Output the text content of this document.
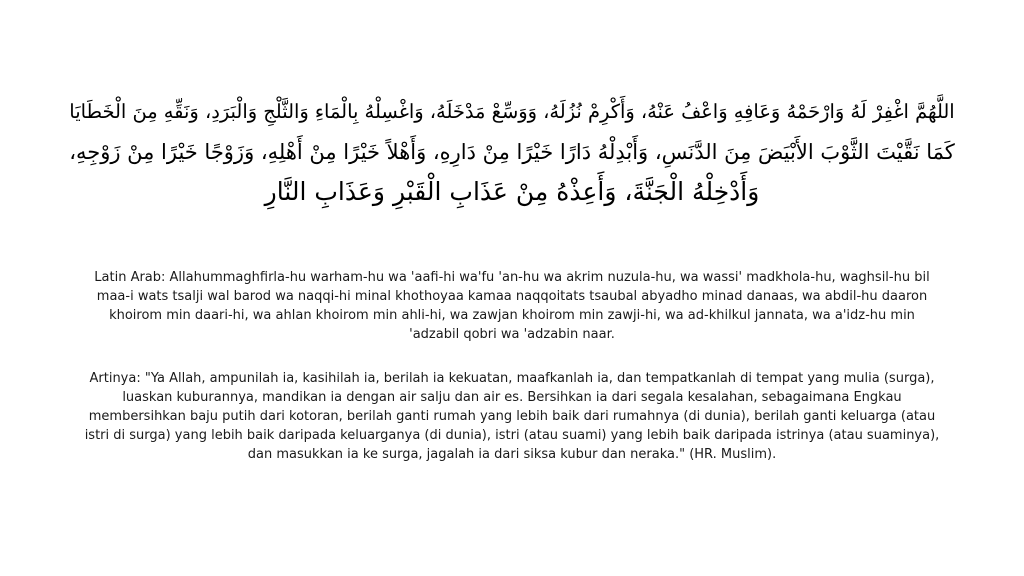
اللَّهُمَّ اغْفِرْ لَهُ وَارْحَمْهُ وَعَافِهِ وَاعْفُ عَنْهُ، وَأَكْرِمْ نُزُلَهُ، وَوَسِّعْ مَدْخَلَهُ، وَاغْسِلْهُ بِالْمَاءِ وَالثَّلْجِ وَالْبَرَدِ، وَنَقِّهِ مِنَ الْخَطَايَا
كَمَا نَقَّيْتَ الثَّوْبَ الأَبْيَضَ مِنَ الدَّنَسِ، وَأَبْدِلْهُ دَارًا خَيْرًا مِنْ دَارِهِ، وَأَهْلاً خَيْرًا مِنْ أَهْلِهِ، وَزَوْجًا خَيْرًا مِنْ زَوْجِهِ،
وَأَدْخِلْهُ الْجَنَّةَ، وَأَعِذْهُ مِنْ عَذَابِ الْقَبْرِ وَعَذَابِ النَّارِ
Latin Arab: Allahummaghfirla-hu warham-hu wa 'aafi-hi wa'fu 'an-hu wa akrim nuzula-hu, wa wassi' madkhola-hu, waghsil-hu bil
maa-i wats tsalji wal barod wa naqqi-hi minal khothoyaa kamaa naqqoitats tsaubal abyadho minad danaas, wa abdil-hu daaron
khoirom min daari-hi, wa ahlan khoirom min ahli-hi, wa zawjan khoirom min zawji-hi, wa ad-khilkul jannata, wa a'idz-hu min
'adzabil qobri wa 'adzabin naar.
Artinya: "Ya Allah, ampunilah ia, kasihilah ia, berilah ia kekuatan, maafkanlah ia, dan tempatkanlah di tempat yang mulia (surga),
luaskan kuburannya, mandikan ia dengan air salju dan air es. Bersihkan ia dari segala kesalahan, sebagaimana Engkau
membersihkan baju putih dari kotoran, berilah ganti rumah yang lebih baik dari rumahnya (di dunia), berilah ganti keluarga (atau
istri di surga) yang lebih baik daripada keluarganya (di dunia), istri (atau suami) yang lebih baik daripada istrinya (atau suaminya),
dan masukkan ia ke surga, jagalah ia dari siksa kubur dan neraka." (HR. Muslim).
